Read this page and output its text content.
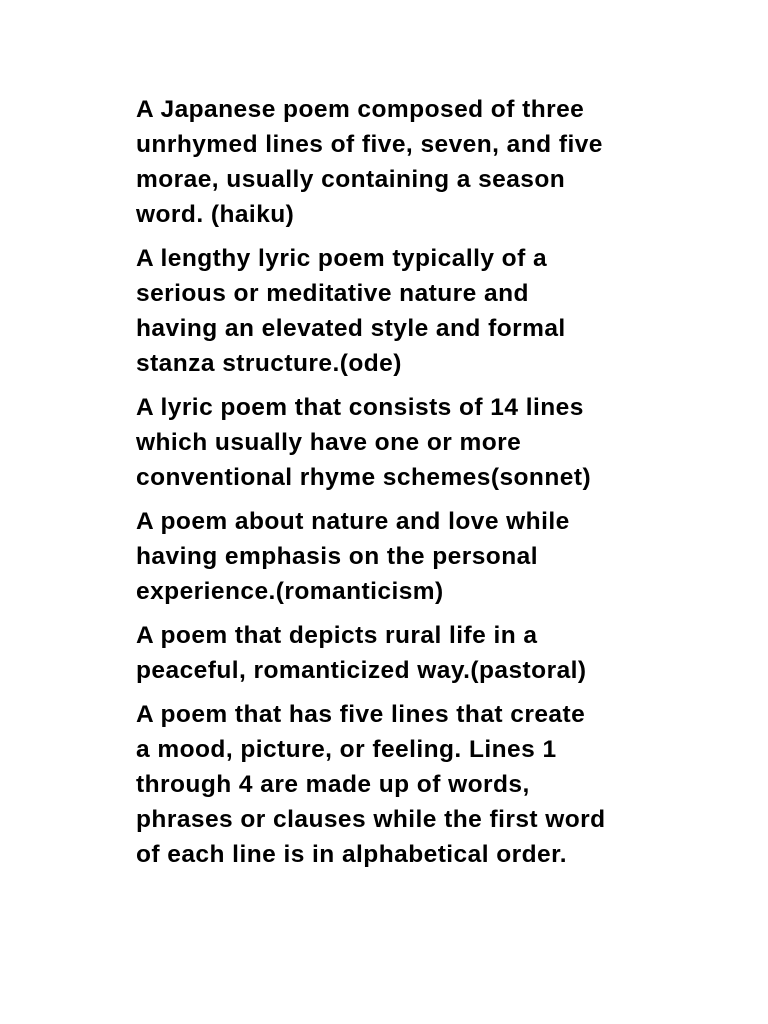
A Japanese poem composed of three
unrhymed lines of five, seven, and five
morae, usually containing a season
word. (haiku)

A lengthy lyric poem typically of a
serious or meditative nature and
having an elevated style and formal
stanza structure.(ode)

A lyric poem that consists of 14 lines
which usually have one or more
conventional rhyme schemes(sonnet)

A poem about nature and love while
having emphasis on the personal
experience.(romanticism)

A poem that depicts rural life in a
peaceful, romanticized way.(pastoral)

A poem that has five lines that create
a mood, picture, or feeling. Lines 1
through 4 are made up of words,
phrases or clauses while the first word
of each line is in alphabetical order.
